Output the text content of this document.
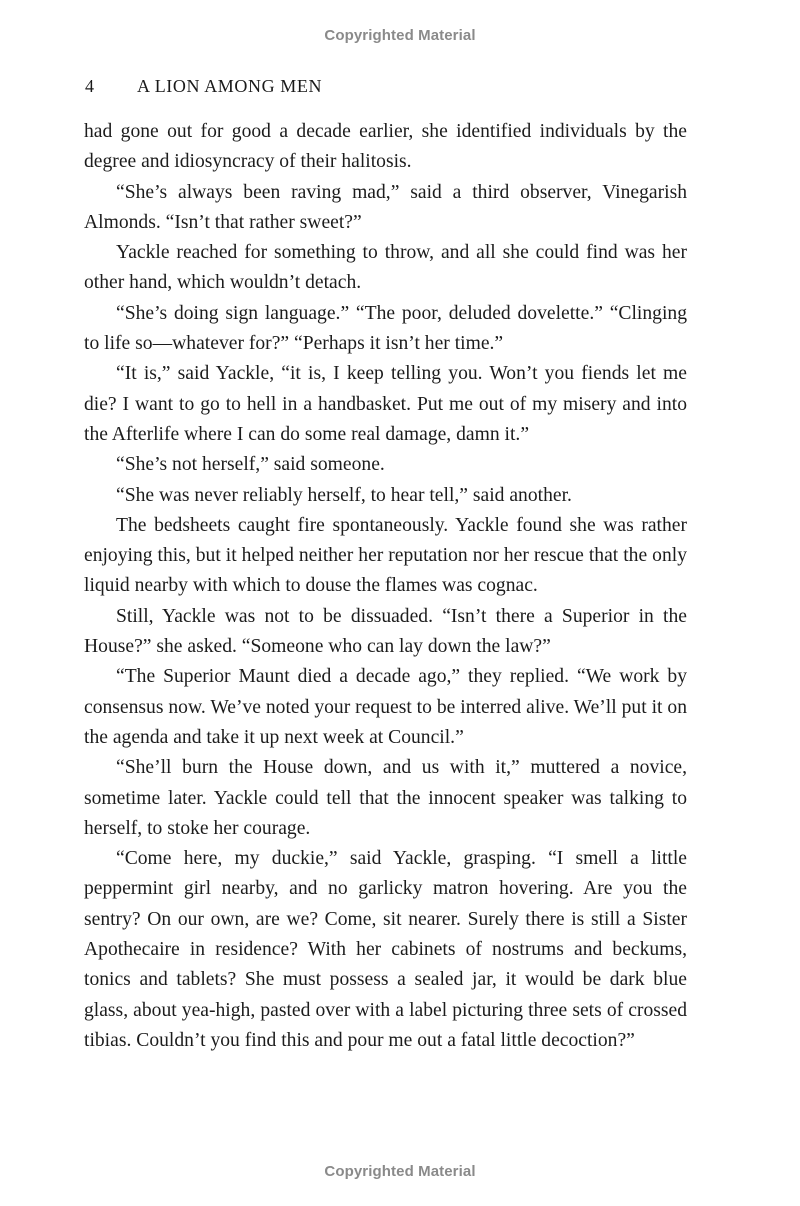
Copyrighted Material
4 A LION AMONG MEN

had gone out for good a decade earlier, she identified individuals by the degree and idiosyncracy of their halitosis.

“She’s always been raving mad,” said a third observer, Vinegarish Almonds. “Isn’t that rather sweet?”

Yackle reached for something to throw, and all she could find was her other hand, which wouldn’t detach.

“She’s doing sign language.” “The poor, deluded dovelette.” “Clinging to life so—whatever for?” “Perhaps it isn’t her time.”

“It is,” said Yackle, “it is, I keep telling you. Won’t you fiends let me die? I want to go to hell in a handbasket. Put me out of my misery and into the Afterlife where I can do some real damage, damn it.”

“She’s not herself,” said someone.

“She was never reliably herself, to hear tell,” said another.

The bedsheets caught fire spontaneously. Yackle found she was rather enjoying this, but it helped neither her reputation nor her rescue that the only liquid nearby with which to douse the flames was cognac.

Still, Yackle was not to be dissuaded. “Isn’t there a Superior in the House?” she asked. “Someone who can lay down the law?”

“The Superior Maunt died a decade ago,” they replied. “We work by consensus now. We’ve noted your request to be interred alive. We’ll put it on the agenda and take it up next week at Council.”

“She’ll burn the House down, and us with it,” muttered a novice, sometime later. Yackle could tell that the innocent speaker was talking to herself, to stoke her courage.

“Come here, my duckie,” said Yackle, grasping. “I smell a little peppermint girl nearby, and no garlicky matron hovering. Are you the sentry? On our own, are we? Come, sit nearer. Surely there is still a Sister Apothecaire in residence? With her cabinets of nostrums and beckums, tonics and tablets? She must possess a sealed jar, it would be dark blue glass, about yea-high, pasted over with a label picturing three sets of crossed tibias. Couldn’t you find this and pour me out a fatal little decoction?”

Copyrighted Material
